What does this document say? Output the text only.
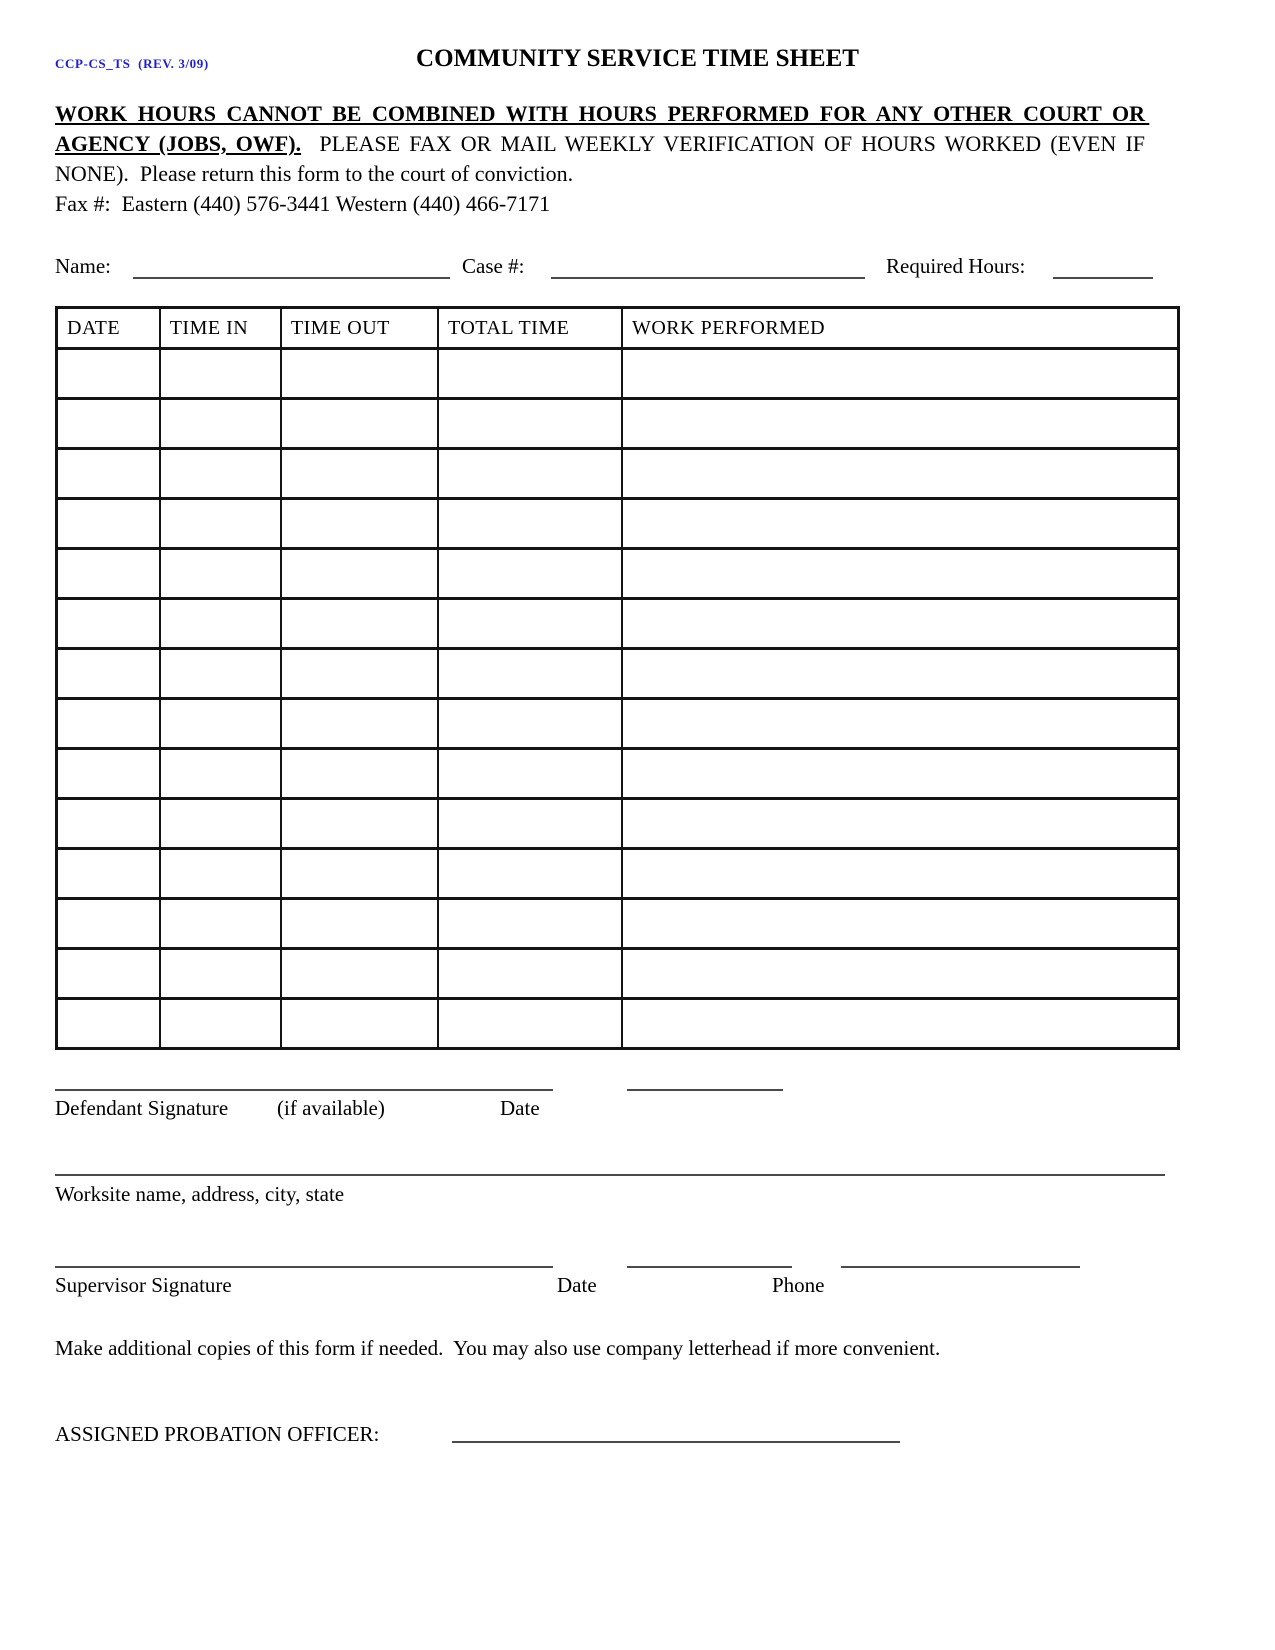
CCP-CS_TS  (REV. 3/09)	COMMUNITY SERVICE TIME SHEET
WORK HOURS CANNOT BE COMBINED WITH HOURS PERFORMED FOR ANY OTHER COURT OR AGENCY (JOBS, OWF).  PLEASE FAX OR MAIL WEEKLY VERIFICATION OF HOURS WORKED (EVEN IF NONE).  Please return this form to the court of conviction.
Fax #:  Eastern (440) 576-3441 Western (440) 466-7171
Name:	Case #:	Required Hours:
DATE	TIME IN	TIME OUT	TOTAL TIME	WORK PERFORMED

Defendant Signature (if available)	Date
Worksite name, address, city, state
Supervisor Signature	Date	Phone
Make additional copies of this form if needed.  You may also use company letterhead if more convenient.
ASSIGNED PROBATION OFFICER:
